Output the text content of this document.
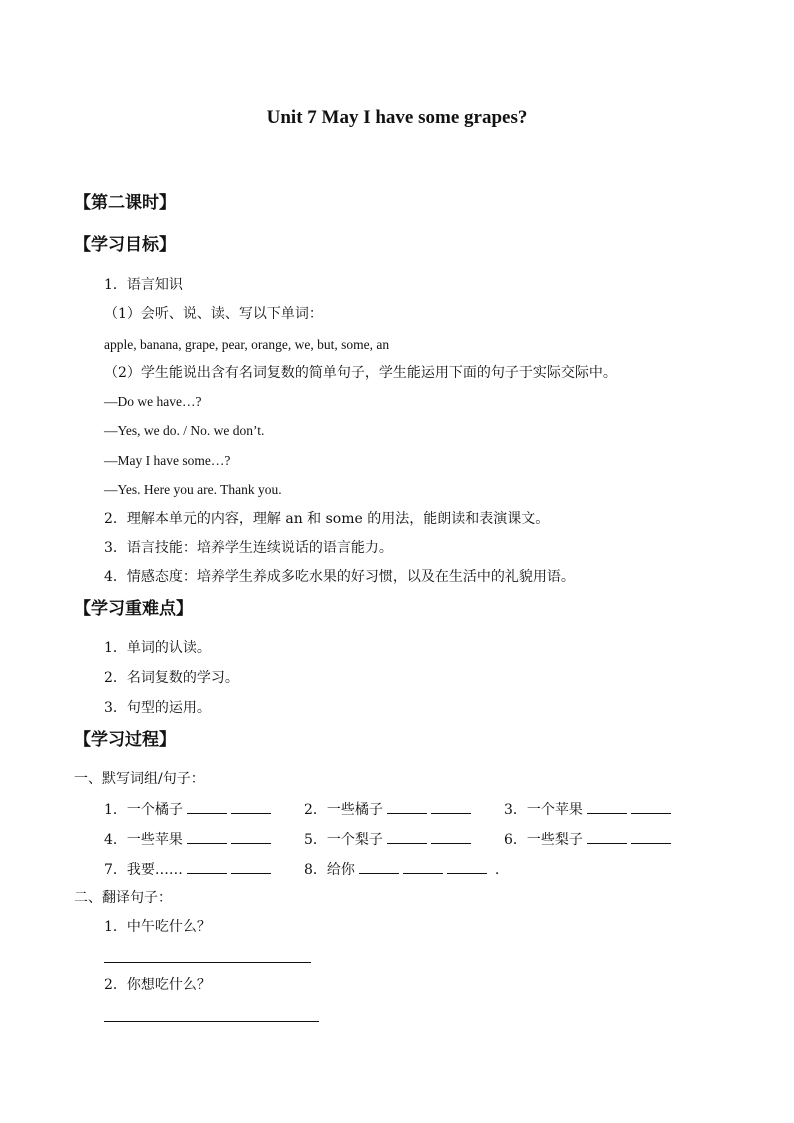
Unit 7 May I have some grapes?
【第二课时】
【学习目标】
1．语言知识
（1）会听、说、读、写以下单词：
apple, banana, grape, pear, orange, we, but, some, an
（2）学生能说出含有名词复数的简单句子，学生能运用下面的句子于实际交际中。
—Do we have…?
—Yes, we do. / No. we don’t.
—May I have some…?
—Yes. Here you are. Thank you.
2．理解本单元的内容，理解 an 和 some 的用法，能朗读和表演课文。
3．语言技能：培养学生连续说话的语言能力。
4．情感态度：培养学生养成多吃水果的好习惯，以及在生活中的礼貌用语。
【学习重难点】
1．单词的认读。
2．名词复数的学习。
3．句型的运用。
【学习过程】
一、默写词组/句子：
1．一个橘子	2．一些橘子	3．一个苹果
4．一些苹果	5．一个梨子	6．一些梨子
7．我要……	8．给你	.
二、翻译句子：
1．中午吃什么？
2．你想吃什么？
